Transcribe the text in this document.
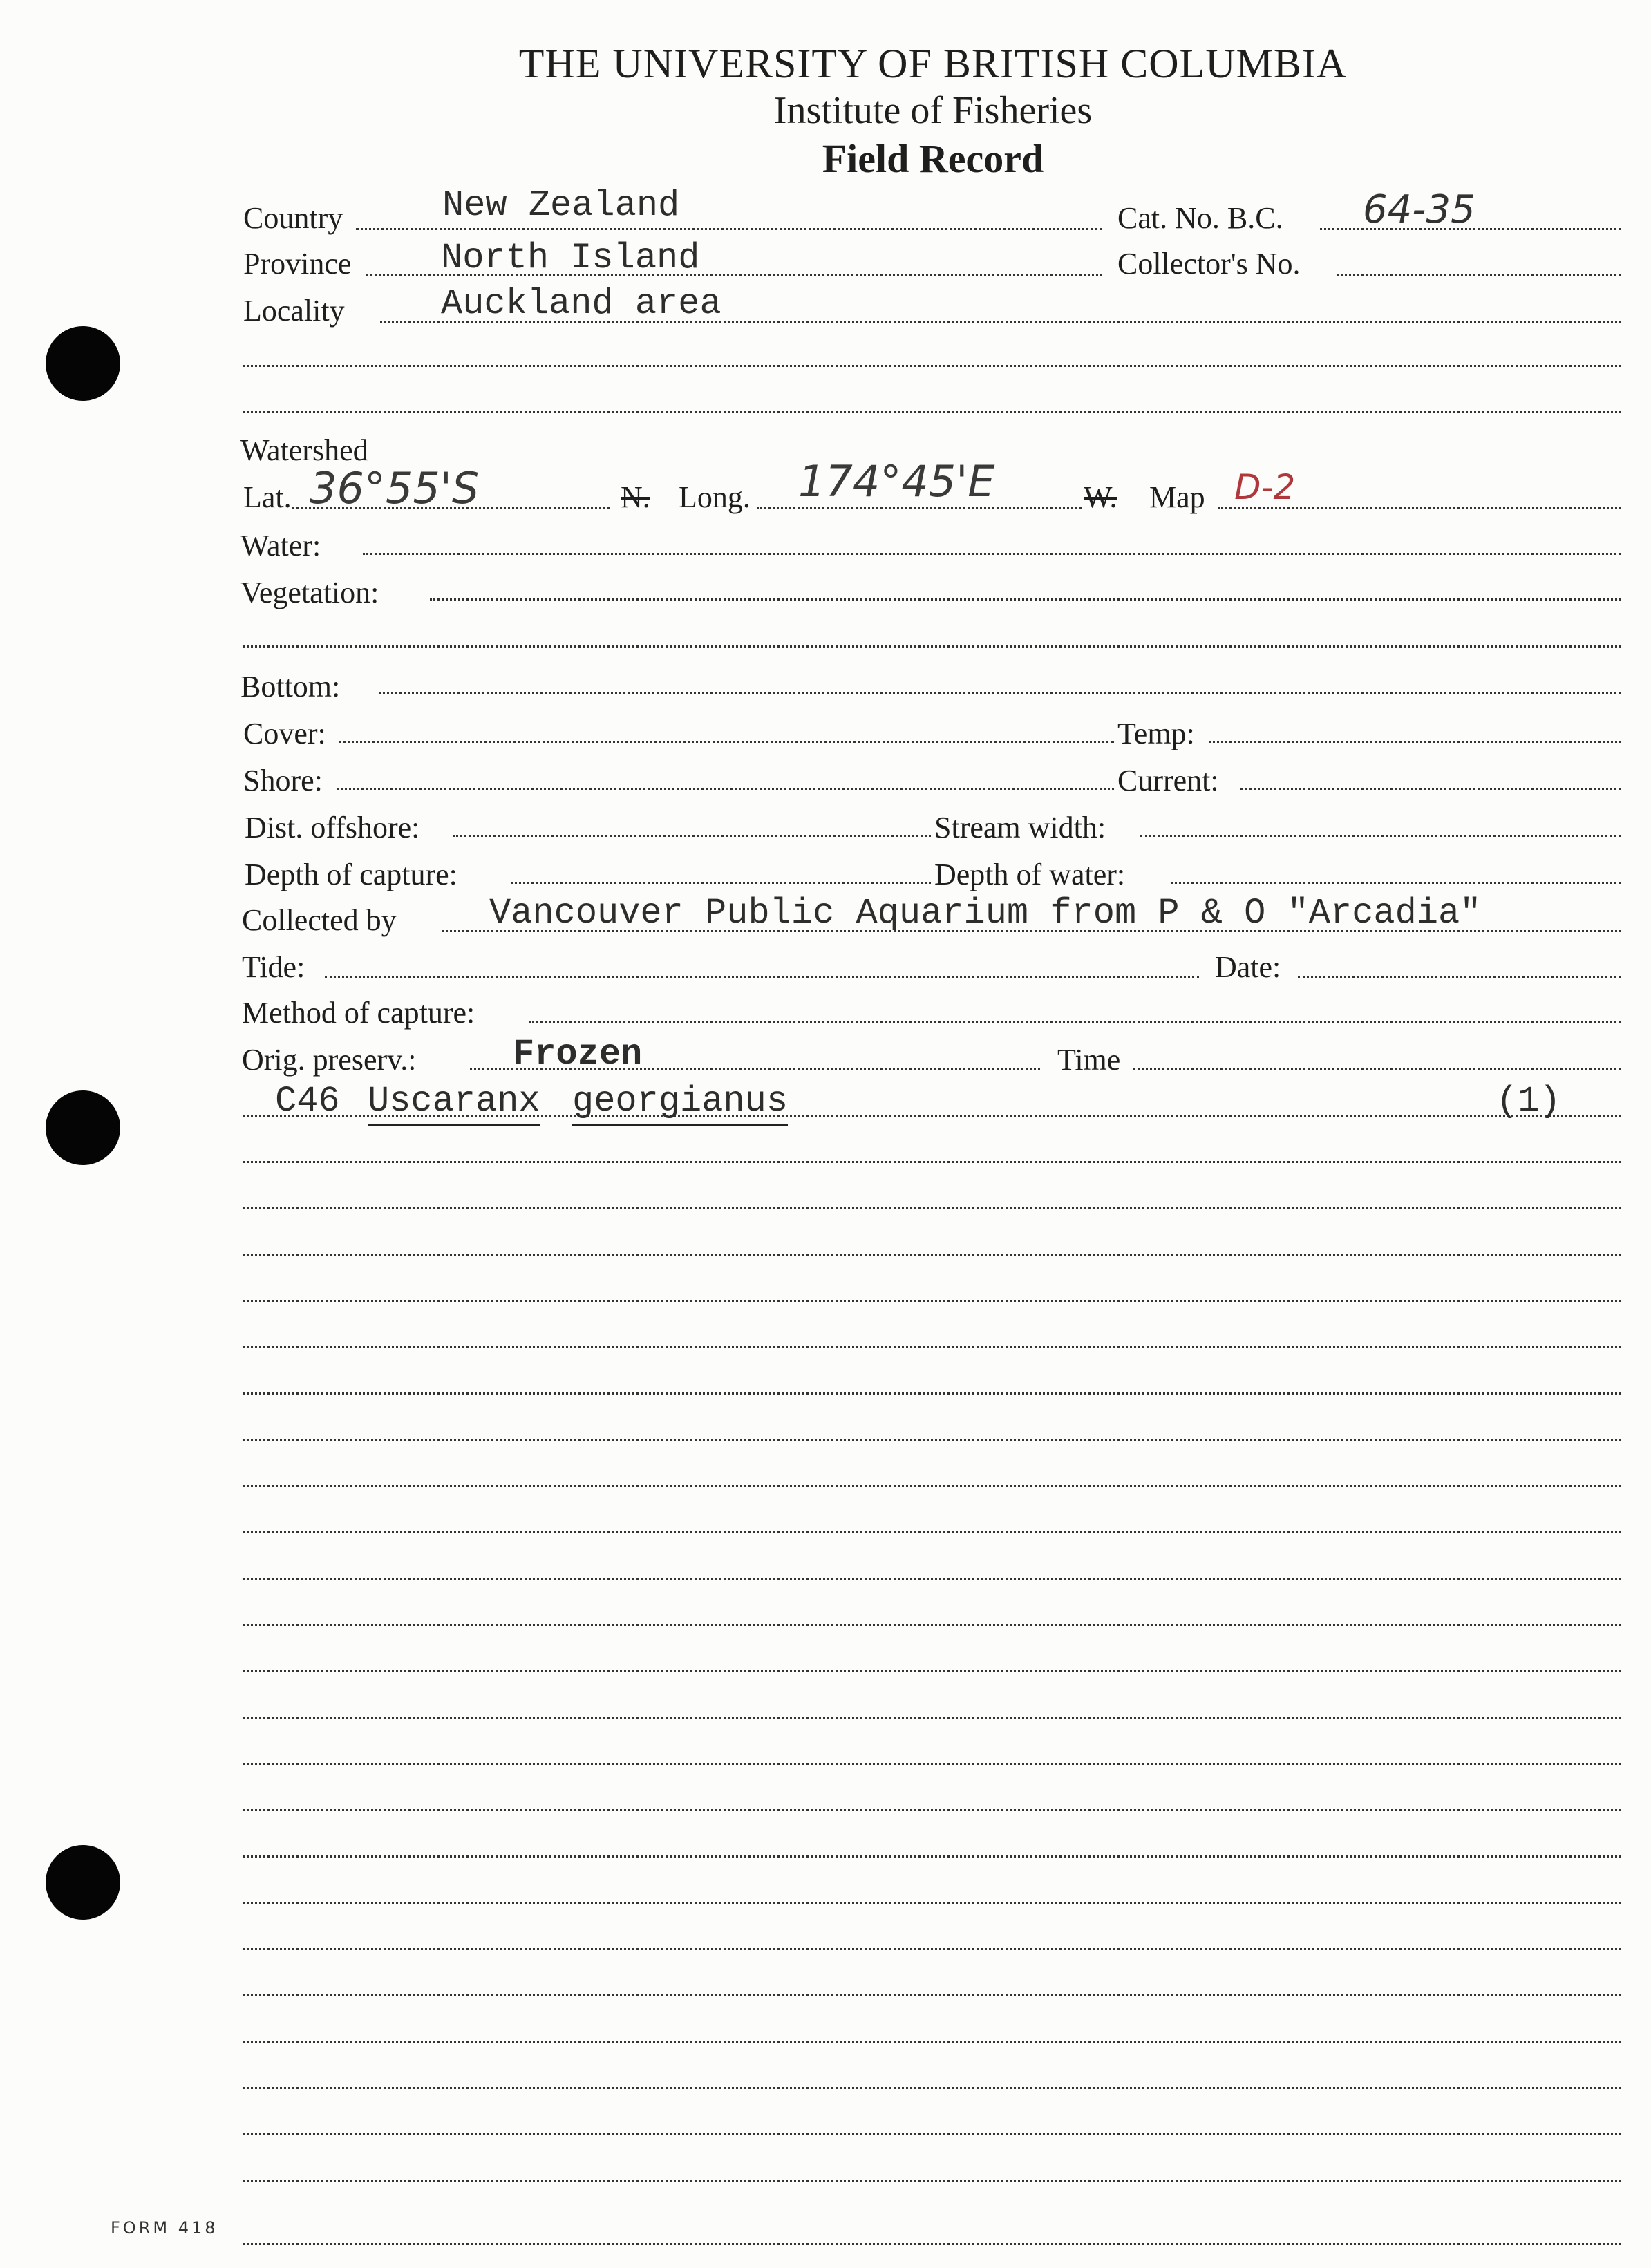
THE UNIVERSITY OF BRITISH COLUMBIA
Institute of Fisheries
Field Record
Country	New Zealand	Cat. No. B.C. 64-35
Province North Island	Collector's No.
Locality	Auckland area
Watershed
Lat. 36°55'S	N. Long. 174°45'E	W. Map D-2
Water:
Vegetation:
Bottom:
Cover:	Temp:
Shore:	Current:
Dist. offshore:	Stream width:
Depth of capture:	Depth of water:
Collected by	Vancouver Public Aquarium from P & O "Arcadia"
Tide:	Date:
Method of capture:
Orig. preserv.:	Frozen	Time
C46 Uscaranx georgianus	(1)
FORM 418
